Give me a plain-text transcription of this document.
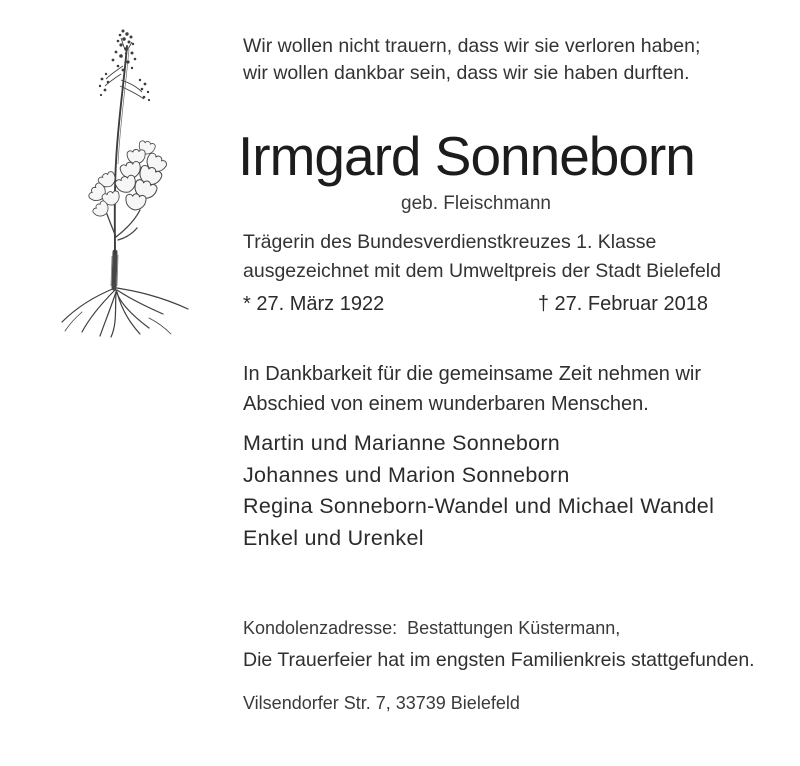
Wir wollen nicht trauern, dass wir sie verloren haben;
wir wollen dankbar sein, dass wir sie haben durften.
Irmgard Sonneborn
geb. Fleischmann
Trägerin des Bundesverdienstkreuzes 1. Klasse
ausgezeichnet mit dem Umweltpreis der Stadt Bielefeld
* 27. März 1922	† 27. Februar 2018
In Dankbarkeit für die gemeinsame Zeit nehmen wir
Abschied von einem wunderbaren Menschen.
Martin und Marianne Sonneborn
Johannes und Marion Sonneborn
Regina Sonneborn-Wandel und Michael Wandel
Enkel und Urenkel

Kondolenzadresse:  Bestattungen Küstermann,

Vilsendorfer Str. 7, 33739 Bielefeld

Die Trauerfeier hat im engsten Familienkreis stattgefunden.
